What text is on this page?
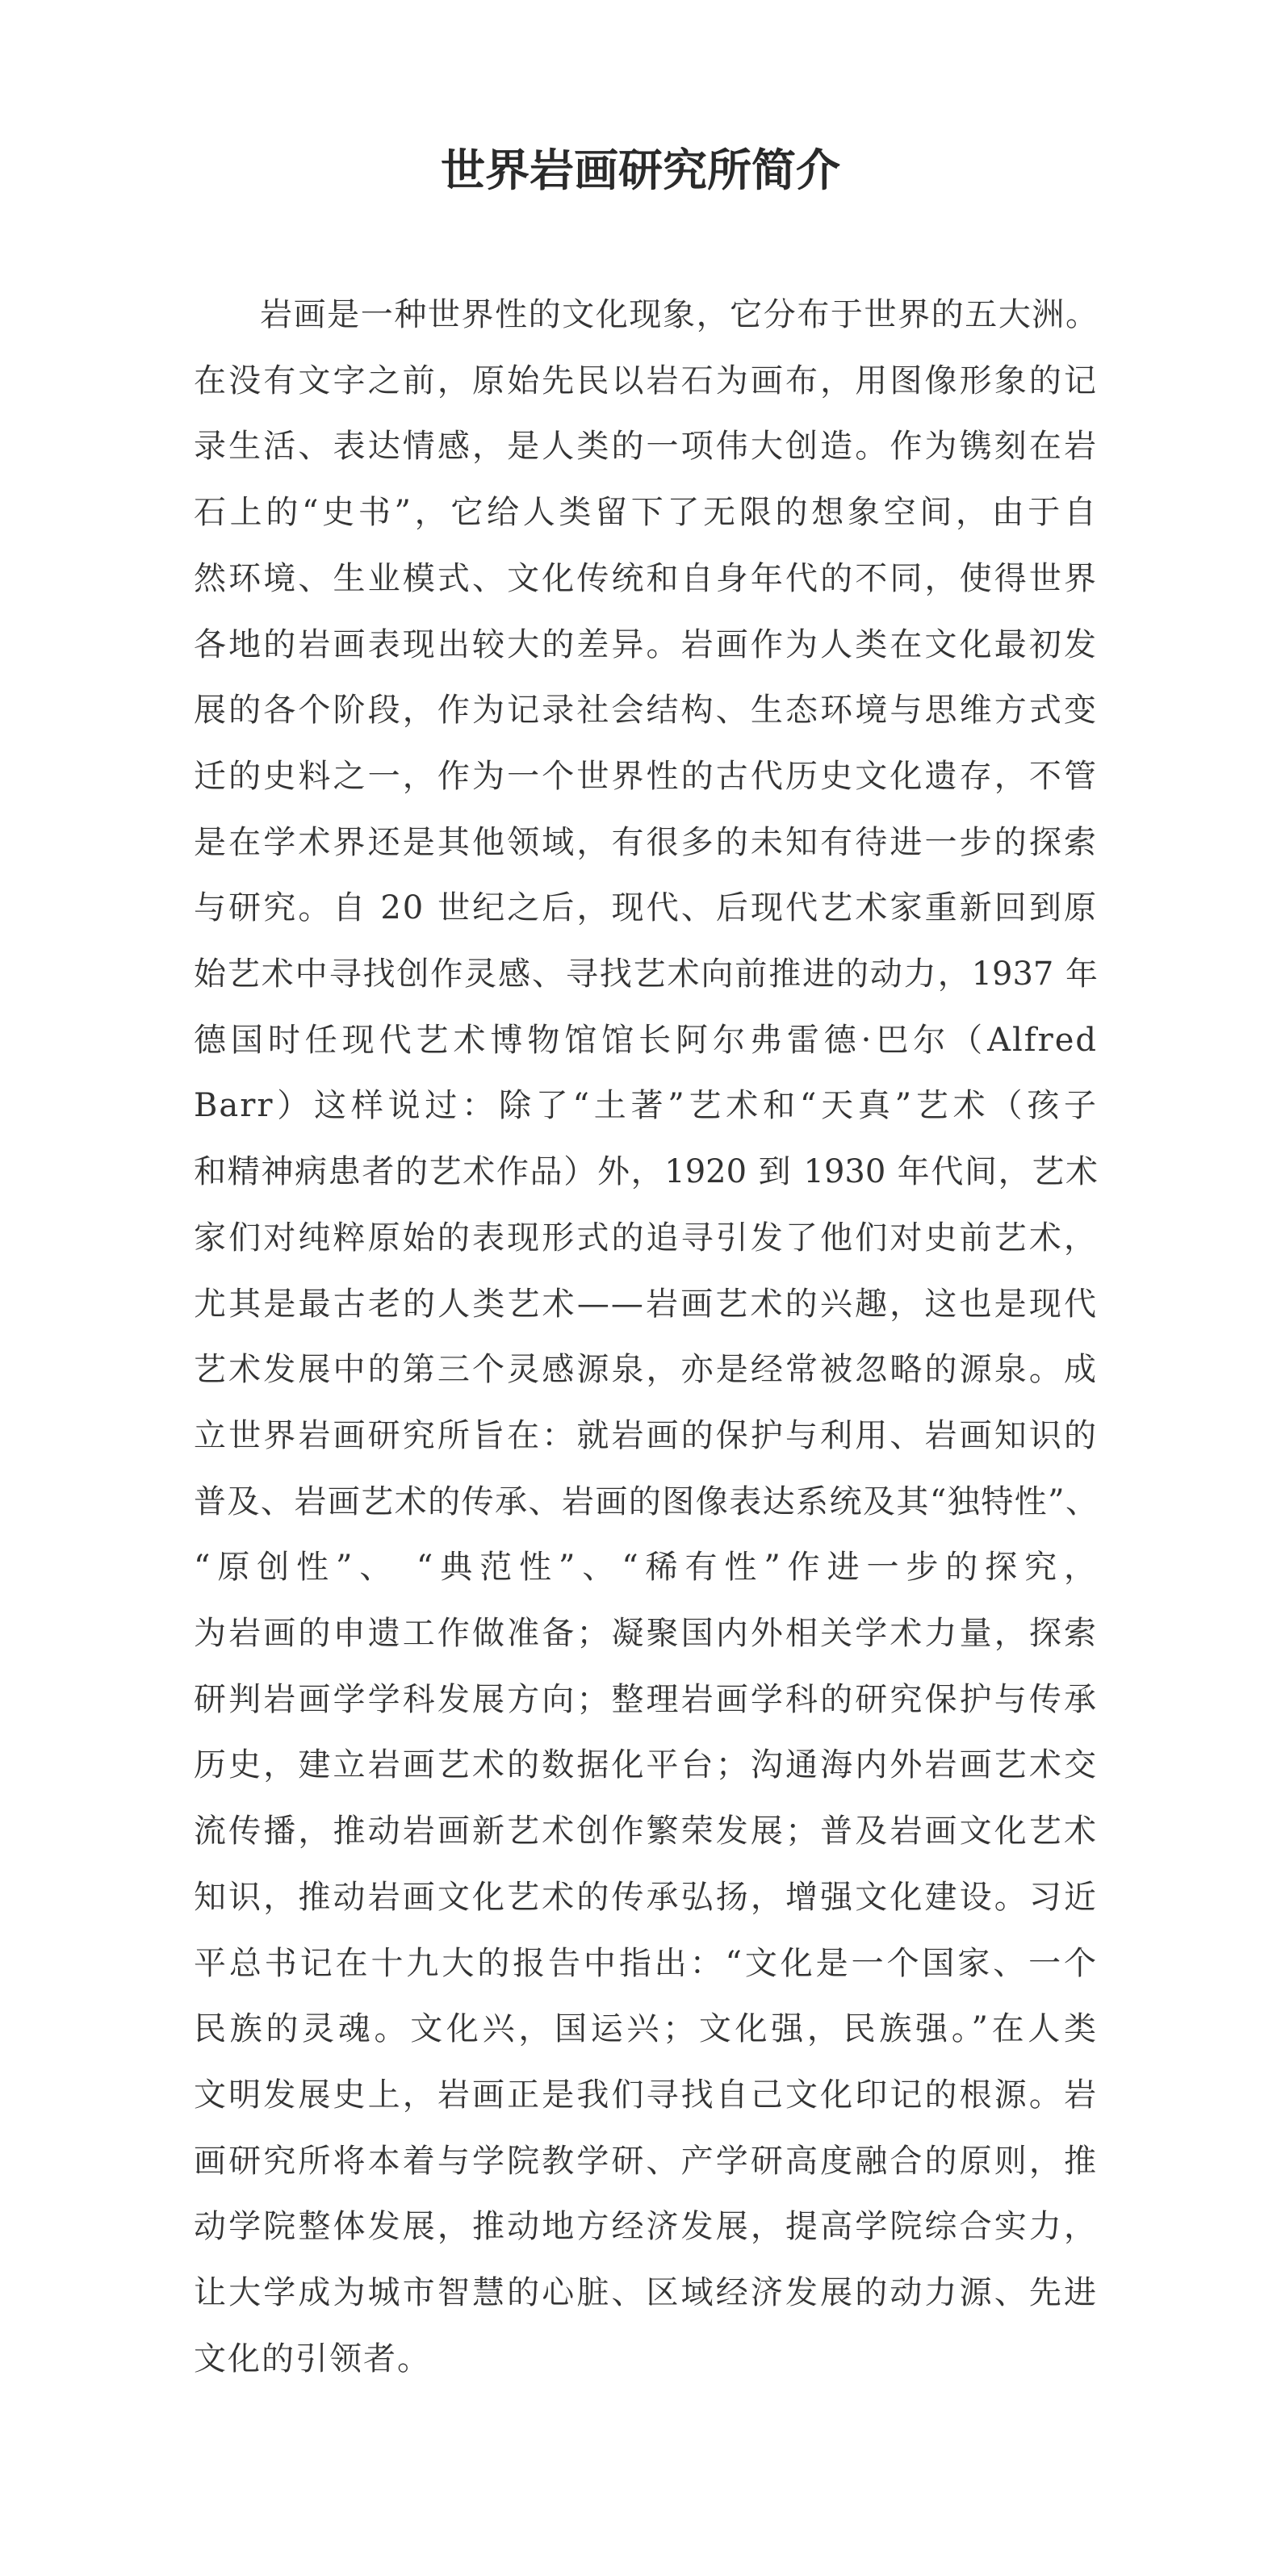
世界岩画研究所简介
岩画是一种世界性的文化现象，它分布于世界的五大洲。
在没有文字之前，原始先民以岩石为画布，用图像形象的记
录生活、表达情感，是人类的一项伟大创造。作为镌刻在岩
石上的“史书”，它给人类留下了无限的想象空间，由于自
然环境、生业模式、文化传统和自身年代的不同，使得世界
各地的岩画表现出较大的差异。岩画作为人类在文化最初发
展的各个阶段，作为记录社会结构、生态环境与思维方式变
迁的史料之一，作为一个世界性的古代历史文化遗存，不管
是在学术界还是其他领域，有很多的未知有待进一步的探索
与研究。自 20 世纪之后，现代、后现代艺术家重新回到原
始艺术中寻找创作灵感、寻找艺术向前推进的动力，1937 年
德国时任现代艺术博物馆馆长阿尔弗雷德·巴尔（Alfred
Barr）这样说过：除了“土著”艺术和“天真”艺术（孩子
和精神病患者的艺术作品）外，1920 到 1930 年代间，艺术
家们对纯粹原始的表现形式的追寻引发了他们对史前艺术，
尤其是最古老的人类艺术——岩画艺术的兴趣，这也是现代
艺术发展中的第三个灵感源泉，亦是经常被忽略的源泉。成
立世界岩画研究所旨在：就岩画的保护与利用、岩画知识的
普及、岩画艺术的传承、岩画的图像表达系统及其“独特性”、
“原创性”、 “典范性”、“稀有性”作进一步的探究，
为岩画的申遗工作做准备；凝聚国内外相关学术力量，探索
研判岩画学学科发展方向；整理岩画学科的研究保护与传承
历史，建立岩画艺术的数据化平台；沟通海内外岩画艺术交
流传播，推动岩画新艺术创作繁荣发展；普及岩画文化艺术
知识，推动岩画文化艺术的传承弘扬，增强文化建设。习近
平总书记在十九大的报告中指出：“文化是一个国家、一个
民族的灵魂。文化兴，国运兴；文化强，民族强。”在人类
文明发展史上，岩画正是我们寻找自己文化印记的根源。岩
画研究所将本着与学院教学研、产学研高度融合的原则，推
动学院整体发展，推动地方经济发展，提高学院综合实力，
让大学成为城市智慧的心脏、区域经济发展的动力源、先进
文化的引领者。
